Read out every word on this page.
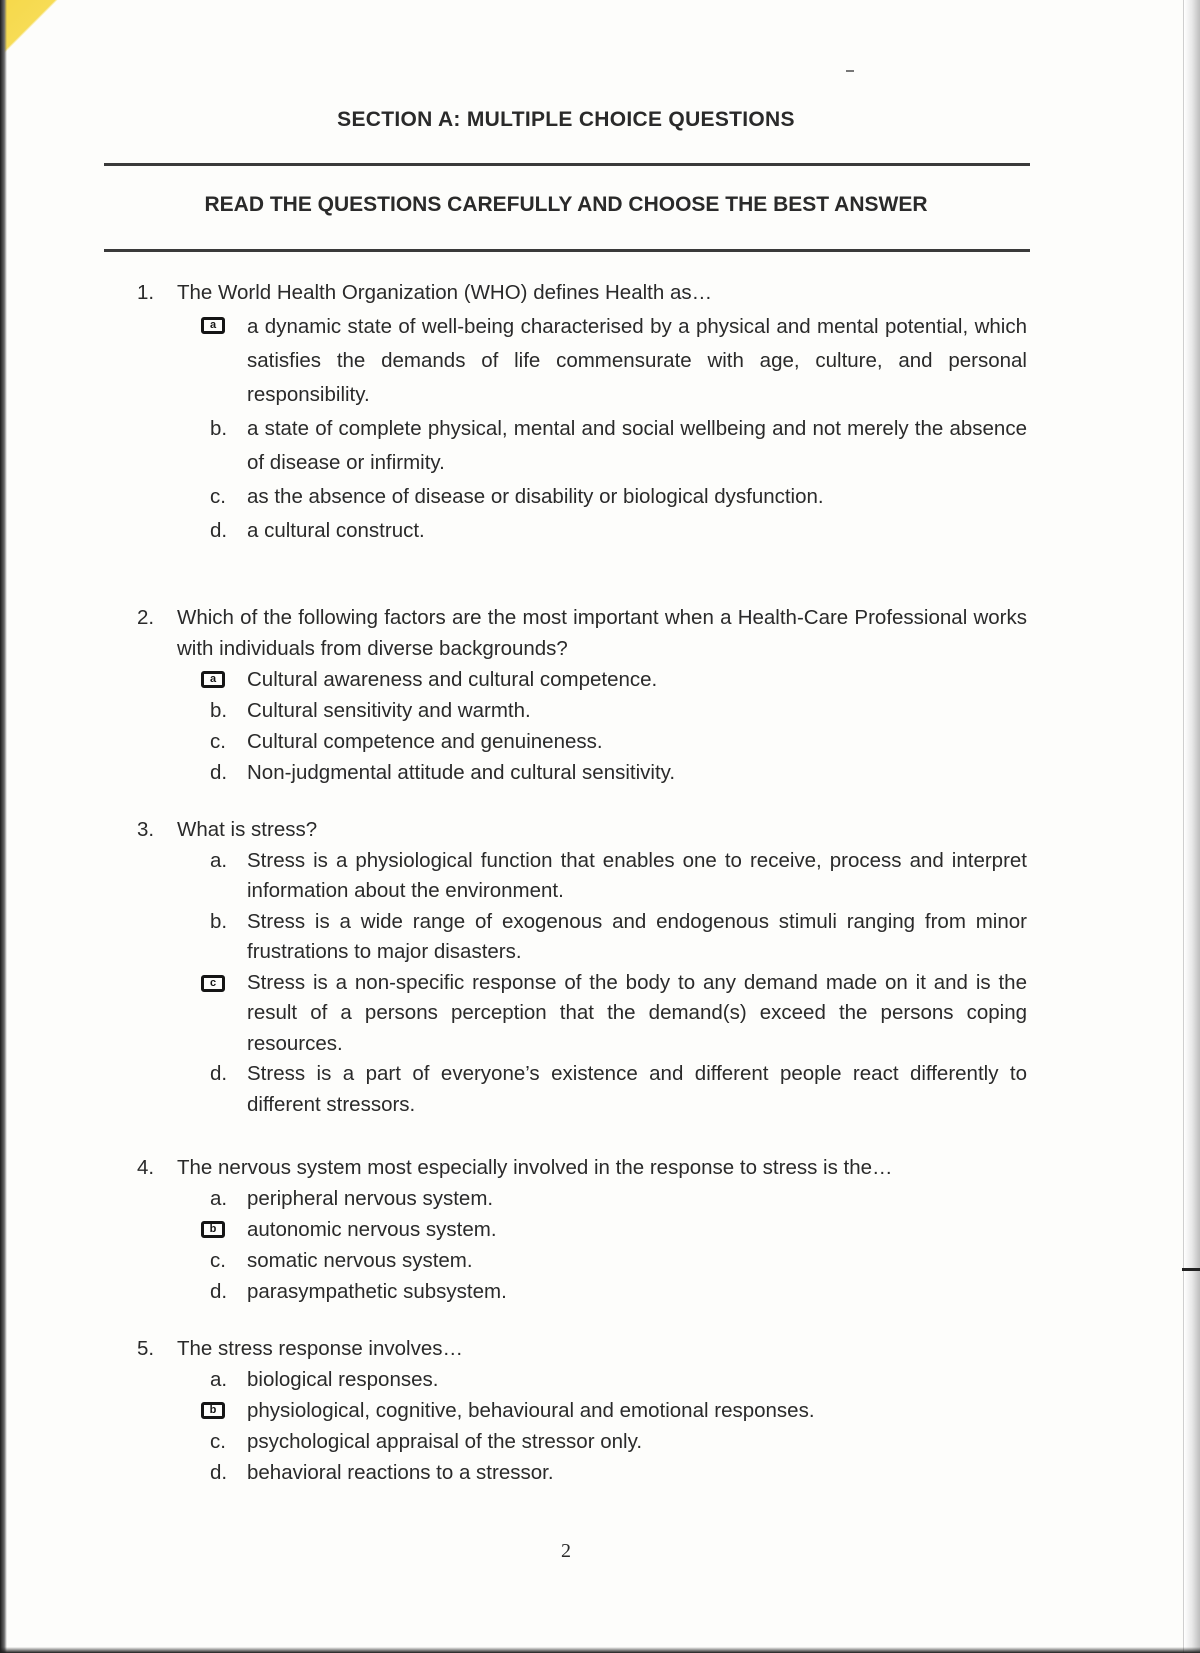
SECTION A: MULTIPLE CHOICE QUESTIONS
READ THE QUESTIONS CAREFULLY AND CHOOSE THE BEST ANSWER
1.	The World Health Organization (WHO) defines Health as…
a	a dynamic state of well-being characterised by a physical and mental potential, which satisfies the demands of life commensurate with age, culture, and personal responsibility.
b. a state of complete physical, mental and social wellbeing and not merely the absence of disease or infirmity.
c.	as the absence of disease or disability or biological dysfunction.
d. a cultural construct.
2.	Which of the following factors are the most important when a Health-Care Professional works with individuals from diverse backgrounds?
a	Cultural awareness and cultural competence.
b. Cultural sensitivity and warmth.
c.	Cultural competence and genuineness.
d. Non-judgmental attitude and cultural sensitivity.
3.	What is stress?
a. Stress is a physiological function that enables one to receive, process and interpret information about the environment.
b. Stress is a wide range of exogenous and endogenous stimuli ranging from minor frustrations to major disasters.
c	Stress is a non-specific response of the body to any demand made on it and is the result of a persons perception that the demand(s) exceed the persons coping resources.
d. Stress is a part of everyone’s existence and different people react differently to different stressors.
4.	The nervous system most especially involved in the response to stress is the…
a. peripheral nervous system.
b	autonomic nervous system.
c.	somatic nervous system.
d. parasympathetic subsystem.
5.	The stress response involves…
a. biological responses.
b	physiological, cognitive, behavioural and emotional responses.
c.	psychological appraisal of the stressor only.
d. behavioral reactions to a stressor.
2
